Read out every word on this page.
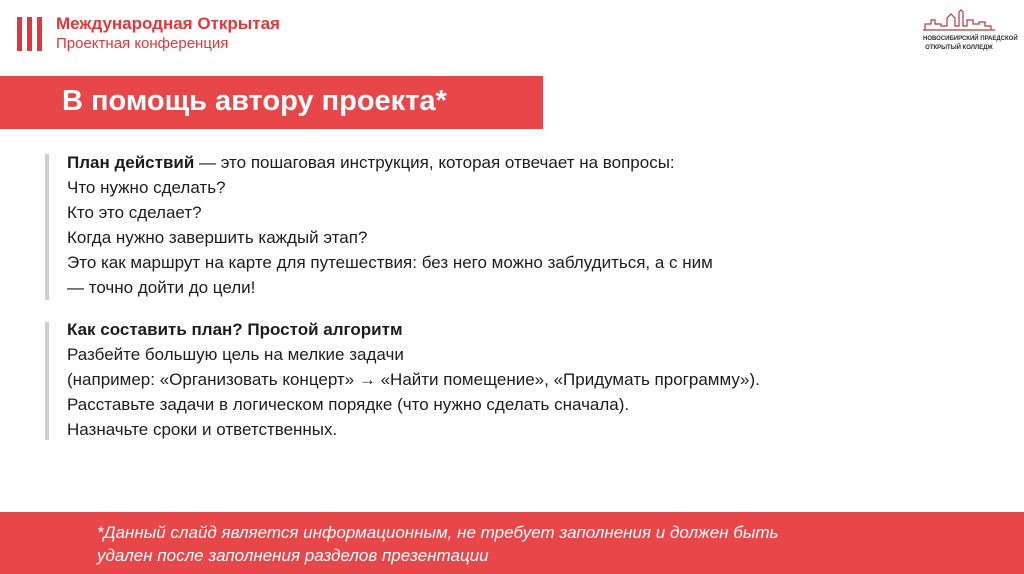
Международная Открытая
Проектная конференция	НОВОСИБИРСКИЙ ПРАЕДСКОЙ
ОТКРЫТЫЙ КОЛЛЕДЖ
В помощь автору проекта*

План действий — это пошаговая инструкция, которая отвечает на вопросы:

Что нужно сделать?

Кто это сделает?

Когда нужно завершить каждый этап?

Это как маршрут на карте для путешествия: без него можно заблудиться, а с ним

— точно дойти до цели!

Как составить план? Простой алгоритм

Разбейте большую цель на мелкие задачи

(например: «Организовать концерт» → «Найти помещение», «Придумать программу»).

Расставьте задачи в логическом порядке (что нужно сделать сначала).

Назначьте сроки и ответственных.

*Данный слайд является информационным, не требует заполнения и должен быть

удален после заполнения разделов презентации
